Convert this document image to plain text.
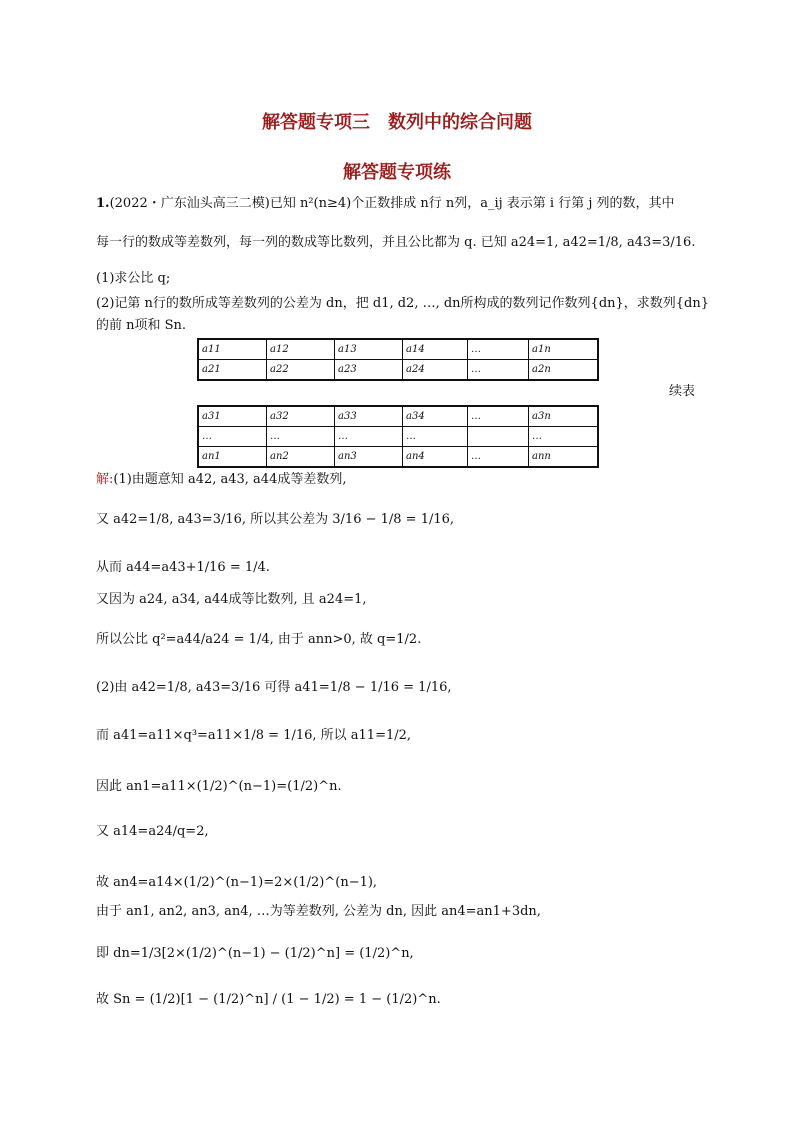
解答题专项三　数列中的综合问题
解答题专项练
1.(2022・广东汕头高三二模)已知 n²(n≥4)个正数排成 n行 n列，a_ij 表示第 i 行第 j 列的数，其中
每一行的数成等差数列，每一列的数成等比数列，并且公比都为 q. 已知 a24=1, a42=1/8, a43=3/16.
(1)求公比 q;
(2)记第 n行的数所成等差数列的公差为 dn，把 d1, d2, …, dn所构成的数列记作数列{dn}，求数列{dn}
的前 n项和 Sn.
a11	a12	a13	a14	…	a1n
a21	a22	a23	a24	…	a2n
续表
a31	a32	a33	a34	…	a3n
…	…	…	…		…
an1	an2	an3	an4	…	ann
解:(1)由题意知 a42, a43, a44成等差数列,
又 a42=1/8, a43=3/16, 所以其公差为 3/16 − 1/8 = 1/16,
从而 a44=a43+1/16 = 1/4.
又因为 a24, a34, a44成等比数列, 且 a24=1,
所以公比 q²=a44/a24 = 1/4, 由于 ann>0, 故 q=1/2.
(2)由 a42=1/8, a43=3/16 可得 a41=1/8 − 1/16 = 1/16,
而 a41=a11×q³=a11×1/8 = 1/16, 所以 a11=1/2,
因此 an1=a11×(1/2)^(n−1)=(1/2)^n.
又 a14=a24/q=2,
故 an4=a14×(1/2)^(n−1)=2×(1/2)^(n−1),
由于 an1, an2, an3, an4, …为等差数列, 公差为 dn, 因此 an4=an1+3dn,
即 dn=1/3[2×(1/2)^(n−1) − (1/2)^n] = (1/2)^n,
故 Sn = (1/2)[1 − (1/2)^n] / (1 − 1/2) = 1 − (1/2)^n.
